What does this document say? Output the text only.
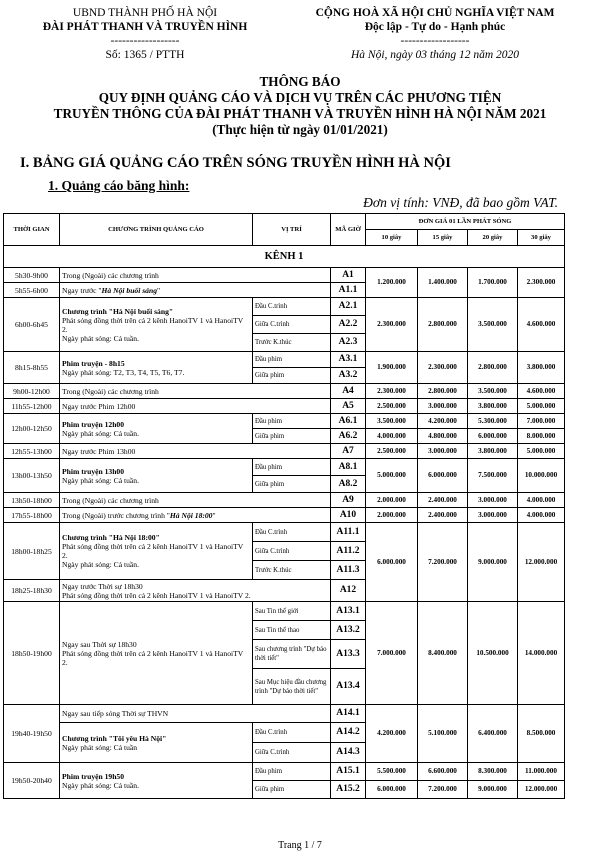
UBND THÀNH PHỐ HÀ NỘI
ĐÀI PHÁT THANH VÀ TRUYỀN HÌNH
------------------
Số: 1365 / PTTH
CỘNG HOÀ XÃ HỘI CHỦ NGHĨA VIỆT NAM
Độc lập - Tự do - Hạnh phúc
------------------
Hà Nội, ngày 03 tháng 12 năm 2020
THÔNG BÁO
QUY ĐỊNH QUẢNG CÁO VÀ DỊCH VỤ TRÊN CÁC PHƯƠNG TIỆN
TRUYỀN THÔNG CỦA ĐÀI PHÁT THANH VÀ TRUYỀN HÌNH HÀ NỘI NĂM 2021
(Thực hiện từ ngày 01/01/2021)
I. BẢNG GIÁ QUẢNG CÁO TRÊN SÓNG TRUYỀN HÌNH HÀ NỘI
1. Quảng cáo băng hình:
Đơn vị tính: VNĐ, đã bao gồm VAT.
THỜI GIAN	CHƯƠNG TRÌNH QUẢNG CÁO	VỊ TRÍ	MÃ GIỜ	ĐƠN GIÁ 01 LẦN PHÁT SÓNG			
				10 giây	15 giây	20 giây	30 giây
KÊNH 1							
5h30-9h00	Trong (Ngoài) các chương trình		A1	1.200.000	1.400.000	1.700.000	2.300.000
5h55-6h00	Ngay trước "Hà Nội buổi sáng"		A1.1				
6h00-6h45	Chương trình "Hà Nội buổi sáng"
Phát sóng đồng thời trên cả 2 kênh HanoiTV 1 và HanoiTV 2.
Ngày phát sóng: Cả tuần.	Đầu C.trình	A2.1	2.300.000	2.800.000	3.500.000	4.600.000
		Giữa C.trình	A2.2				
		Trước K.thúc	A2.3				
8h15-8h55	Phim truyện - 8h15
Ngày phát sóng: T2, T3, T4, T5, T6, T7.	Đầu phim	A3.1	1.900.000	2.300.000	2.800.000	3.800.000
		Giữa phim	A3.2				
9h00-12h00	Trong (Ngoài) các chương trình		A4	2.300.000	2.800.000	3.500.000	4.600.000
11h55-12h00	Ngay trước Phim 12h00		A5	2.500.000	3.000.000	3.800.000	5.000.000
12h00-12h50	Phim truyện 12h00
Ngày phát sóng: Cả tuần.	Đầu phim	A6.1	3.500.000	4.200.000	5.300.000	7.000.000
		Giữa phim	A6.2	4.000.000	4.800.000	6.000.000	8.000.000
12h55-13h00	Ngay trước Phim 13h00		A7	2.500.000	3.000.000	3.800.000	5.000.000
13h00-13h50	Phim truyện 13h00
Ngày phát sóng: Cả tuần.	Đầu phim	A8.1	5.000.000	6.000.000	7.500.000	10.000.000
		Giữa phim	A8.2				
13h50-18h00	Trong (Ngoài) các chương trình		A9	2.000.000	2.400.000	3.000.000	4.000.000
17h55-18h00	Trong (Ngoài) trước chương trình "Hà Nội 18:00"		A10	2.000.000	2.400.000	3.000.000	4.000.000
18h00-18h25	Chương trình "Hà Nội 18:00"
Phát sóng đồng thời trên cả 2 kênh HanoiTV 1 và HanoiTV 2.
Ngày phát sóng: Cả tuần.	Đầu C.trình	A11.1	6.000.000	7.200.000	9.000.000	12.000.000
		Giữa C.trình	A11.2				
		Trước K.thúc	A11.3				
18h25-18h30	Ngay trước Thời sự 18h30
Phát sóng đồng thời trên cả 2 kênh HanoiTV 1 và HanoiTV 2.		A12				
18h50-19h00	Ngay sau Thời sự 18h30
Phát sóng đồng thời trên cả 2 kênh HanoiTV 1 và HanoiTV 2.	Sau Tin thế giới	A13.1	7.000.000	8.400.000	10.500.000	14.000.000
		Sau Tin thể thao	A13.2				
		Sau chương trình "Dự báo thời tiết"	A13.3				
		Sau Mục hiệu đầu chương trình "Dự báo thời tiết"	A13.4				
19h40-19h50	Ngay sau tiếp sóng Thời sự THVN		A14.1	4.200.000	5.100.000	6.400.000	8.500.000

	Chương trình "Tôi yêu Hà Nội"
Ngày phát sóng: Cả tuần	Đầu C.trình	A14.2				
		Giữa C.trình	A14.3				
19h50-20h40	Phim truyện 19h50
Ngày phát sóng: Cả tuần.	Đầu phim	A15.1	5.500.000	6.600.000	8.300.000	11.000.000
		Giữa phim	A15.2	6.000.000	7.200.000	9.000.000	12.000.000
Trang 1 / 7
